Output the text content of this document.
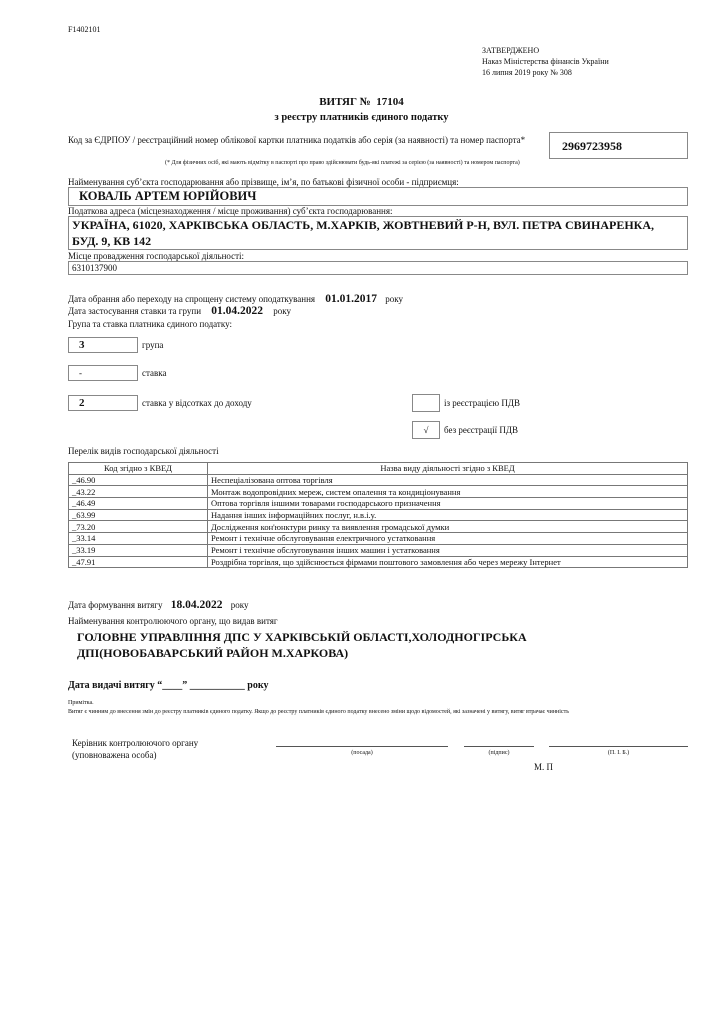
F1402101
ЗАТВЕРДЖЕНО
Наказ Міністерства фінансів України
16 липня 2019 року № 308
ВИТЯГ № 17104
з реєстру платників єдиного податку
Код за ЄДРПОУ / реєстраційний номер облікової картки платника податків або серія (за наявності) та номер паспорта*	2969723958
(* Для фізичних осіб, які мають відмітку в паспорті про право здійснювати будь-які платежі за серією (за наявності) та номером паспорта)
Найменування суб’єкта господарювання або прізвище, ім’я, по батькові фізичної особи - підприємця:
КОВАЛЬ АРТЕМ ЮРІЙОВИЧ
Податкова адреса (місцезнаходження / місце проживання) суб’єкта господарювання:
УКРАЇНА, 61020, ХАРКІВСЬКА ОБЛАСТЬ, М.ХАРКІВ, ЖОВТНЕВИЙ Р-Н, ВУЛ. ПЕТРА СВИНАРЕНКА,
БУД. 9, КВ 142
Місце провадження господарської діяльності:
6310137900
Дата обрання або переходу на спрощену систему оподаткування 01.01.2017 року
Дата застосування ставки та групи 01.04.2022 року
Група та ставка платника єдиного податку:
3	група
-	ставка
2	ставка у відсотках до доходу	із реєстрацією ПДВ
√	без реєстрації ПДВ
Перелік видів господарської діяльності
Код згідно з КВЕД	Назва виду діяльності згідно з КВЕД
_46.90	Неспеціалізована оптова торгівля
_43.22	Монтаж водопровідних мереж, систем опалення та кондиціонування
_46.49	Оптова торгівля іншими товарами господарського призначення
_63.99	Надання інших інформаційних послуг, н.в.і.у.
_73.20	Дослідження кон'юнктури ринку та виявлення громадської думки
_33.14	Ремонт і технічне обслуговування електричного устатковання
_33.19	Ремонт і технічне обслуговування інших машин і устатковання
_47.91	Роздрібна торгівля, що здійснюється фірмами поштового замовлення або через мережу Інтернет
Дата формування витягу 18.04.2022 року
Найменування контролюючого органу, що видав витяг
ГОЛОВНЕ УПРАВЛІННЯ ДПС У ХАРКІВСЬКІЙ ОБЛАСТІ,ХОЛОДНОГІРСЬКА
ДПІ(НОВОБАВАРСЬКИЙ РАЙОН М.ХАРКОВА)
Дата видачі витягу “____” ___________ року
Примітка.
Витяг є чинним до внесення змін до реєстру платників єдиного податку. Якщо до реєстру платників єдиного податку внесено зміни щодо відомостей, які зазначені у витягу, витяг втрачає чинність
Керівник контролюючого органу
(уповноважена особа)	(посада)	(підпис)	(П. І. Б.)
М. П
